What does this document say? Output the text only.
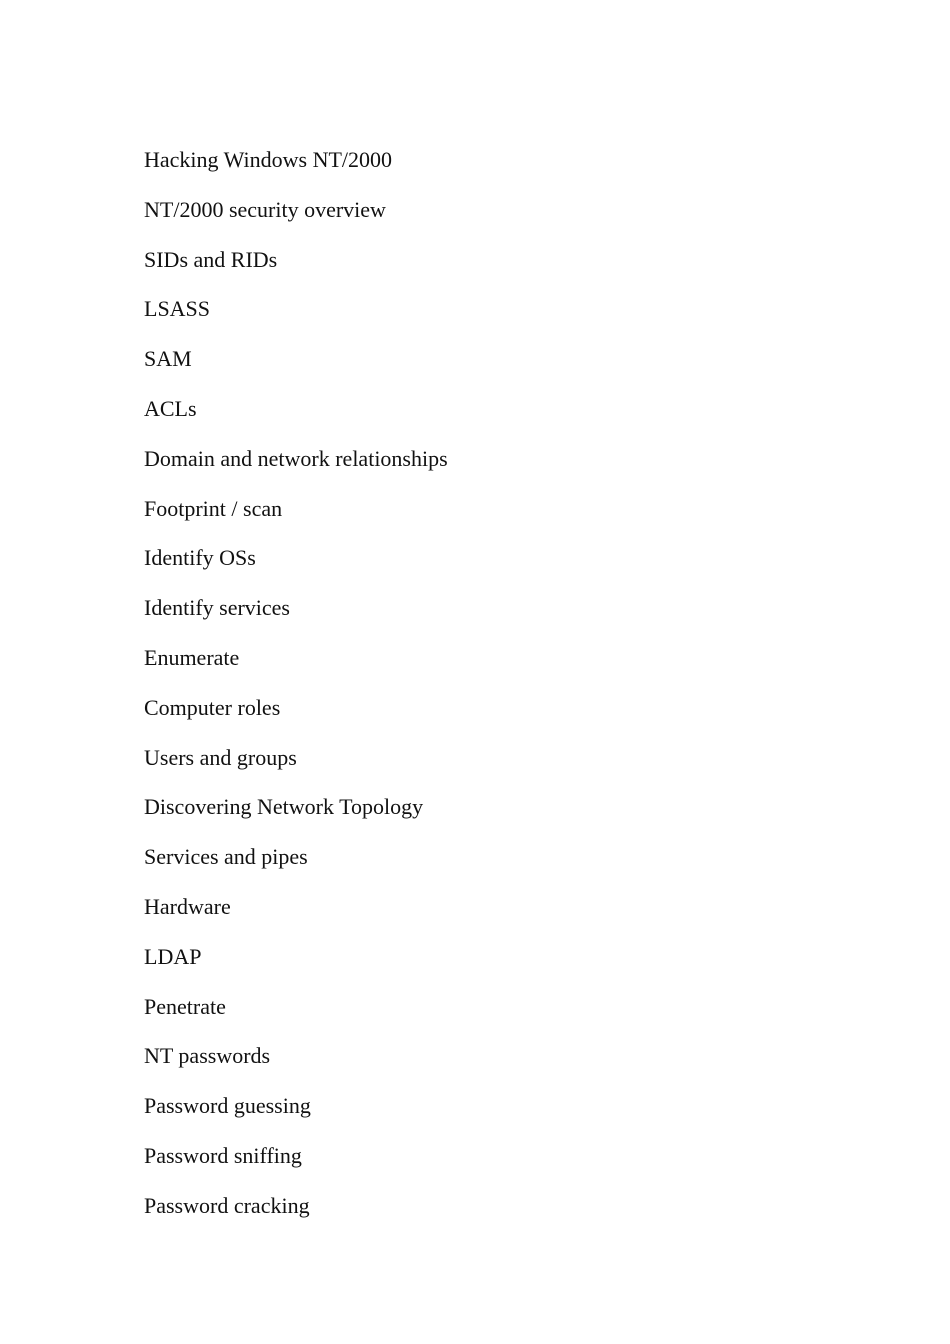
Hacking Windows NT/2000
NT/2000 security overview
SIDs and RIDs
LSASS
SAM
ACLs
Domain and network relationships
Footprint / scan
Identify OSs
Identify services
Enumerate
Computer roles
Users and groups
Discovering Network Topology
Services and pipes
Hardware
LDAP
Penetrate
NT passwords
Password guessing
Password sniffing
Password cracking
